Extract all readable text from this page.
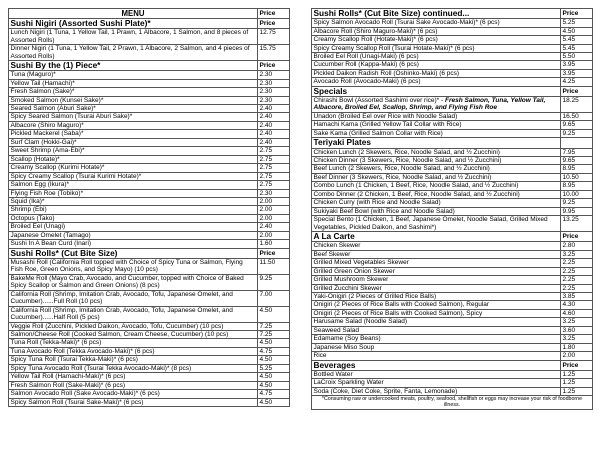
MENU	Price
Sushi Nigiri (Assorted Sushi Plate)*	Price
Lunch Nigiri (1 Tuna, 1 Yellow Tail, 1 Prawn, 1 Albacore, 1 Salmon, and 8 pieces of Assorted Rolls)	12.75
Dinner Nigiri (1 Tuna, 1 Yellow Tail, 2 Prawn, 1 Albacore, 2 Salmon, and 4 pieces of Assorted Rolls)	15.75
Sushi By the (1) Piece*	Price
Tuna (Maguro)*	2.30
Yellow Tail (Hamachi)*	2.30
Fresh Salmon (Sake)*	2.30
Smoked Salmon (Kunsei Sake)*	2.30
Seared Salmon (Aburi Sake)*	2.40
Spicy Seared Salmon (Tsurai Aburi Sake)*	2.40
Albacore (Shiro Maguro)*	2.40
Pickled Mackerel (Saba)*	2.40
Surf Clam (Hokki-Gai)*	2.40
Sweet Shrimp (Ama-Ebi)*	2.75
Scallop (Hotate)*	2.75
Creamy Scallop (Kurimi Hotate)*	2.75
Spicy Creamy Scallop (Tsurai Kurimi Hotate)*	2.75
Salmon Egg (Ikura)*	2.75
Flying Fish Roe (Tobiko)*	2.30
Squid (Ika)*	2.00
Shrimp (Ebi)	2.00
Octopus (Tako)	2.00
Broiled Eel (Unagi)	2.40
Japanese Omelet (Tamago)	2.00
Sushi In A Bean Curd (Inari)	1.60
Sushi Rolls* (Cut Bite Size)	Price
Musashi Roll (California Roll topped with Choice of Spicy Tuna or Salmon, Flying Fish Roe, Green Onions, and Spicy Mayo) (10 pcs)	11.50
BakeMe Roll (Mayo Crab, Avocado, and Cucumber, topped with Choice of Baked Spicy Scallop or Salmon and Green Onions) (8 pcs)	9.25
California Roll (Shrimp, Imitation Crab, Avocado, Tofu, Japanese Omelet, and Cucumber)......Full Roll (10 pcs)	7.00
California Roll (Shrimp, Imitation Crab, Avocado, Tofu, Japanese Omelet, and Cucumber)......Half Roll (5 pcs)	4.50
Veggie Roll (Zucchini, Pickled Daikon, Avocado, Tofu, Cucumber) (10 pcs)	7.25
Salmon/Cheese Roll (Cooked Salmon, Cream Cheese, Cucumber) (10 pcs)	7.25
Tuna Roll (Tekka-Maki)* (6 pcs)	4.50
Tuna Avocado Roll (Tekka Avocado-Maki)* (6 pcs)	4.75
Spicy Tuna Roll (Tsurai Tekka-Maki)* (6 pcs)	4.50
Spicy Tuna Avocado Roll (Tsurai Tekka Avocado-Maki)* (8 pcs)	5.25
Yellow Tail Roll (Hamachi-Maki)* (6 pcs)	4.50
Fresh Salmon Roll (Sake-Maki)* (6 pcs)	4.50
Salmon Avocado Roll (Sake Avocado-Maki)* (6 pcs)	4.75
Spicy Salmon Roll (Tsurai Sake-Maki)* (6 pcs)	4.50
Sushi Rolls* (Cut Bite Size) continued...	Price
Spicy Salmon Avocado Roll (Tsurai Sake Avocado-Maki)* (6 pcs)	5.25
Albacore Roll (Shiro Maguro-Maki)* (6 pcs)	4.50
Creamy Scallop Roll (Hotate-Maki)* (6 pcs)	5.45
Spicy Creamy Scallop Roll (Tsurai Hotate-Maki)* (6 pcs)	5.45
Broiled Eel Roll (Unagi-Maki) (6 pcs)	5.50
Cucumber Roll (Kappa-Maki) (6 pcs)	3.95
Pickled Daikon Radish Roll (Oshinko-Maki) (6 pcs)	3.95
Avocado Roll (Avocado-Maki) (6 pcs)	4.25
Specials	Price
Chirashi Bowl (Assorted Sashimi over rice)* - Fresh Salmon, Tuna, Yellow Tail, Albacore, Broiled Eel, Scallop, Shrimp, and Flying Fish Roe	18.25
Unadon (Broiled Eel over Rice with Noodle Salad)	16.50
Hamachi Kama (Grilled Yellow Tail Collar with Rice)	9.65
Sake Kama (Grilled Salmon Collar with Rice)	9.25
Teriyaki Plates	
Chicken Lunch (2 Skewers, Rice, Noodle Salad, and ½ Zucchini)	7.95
Chicken Dinner (3 Skewers, Rice, Noodle Salad, and ½ Zucchini)	9.65
Beef Lunch (2 Skewers, Rice, Noodle Salad, and ½ Zucchini)	8.95
Beef Dinner (3 Skewers, Rice, Noodle Salad, and ½ Zucchini)	10.50
Combo Lunch (1 Chicken, 1 Beef, Rice, Noodle Salad, and ½ Zucchini)	8.95
Combo Dinner (2 Chicken, 1 Beef, Rice, Noodle Salad, and ½ Zucchini)	10.00
Chicken Curry (with Rice and Noodle Salad)	9.25
Sukiyaki Beef Bowl (with Rice and Noodle Salad)	9.95
Special Bento (1 Chicken, 1 Beef, Japanese Omelet, Noodle Salad, Grilled Mixed Vegetables, Pickled Daikon, and Sashimi*)	13.25
A La Carte	Price
Chicken Skewer	2.80
Beef Skewer	3.25
Grilled Mixed Vegetables Skewer	2.25
Grilled Green Onion Skewer	2.25
Grilled Mushroom Skewer	2.25
Grilled Zucchini Skewer	2.25
Yaki-Onigiri (2 Pieces of Grilled Rice Balls)	3.85
Onigiri (2 Pieces of Rice Balls with Cooked Salmon), Regular	4.30
Onigiri (2 Pieces of Rice Balls with Cooked Salmon), Spicy	4.60
Harusame Salad (Noodle Salad)	3.25
Seaweed Salad	3.60
Edamame (Soy Beans)	3.25
Japanese Miso Soup	1.80
Rice	2.00
Beverages	Price
Bottled Water	1.25
LaCroix Sparkling Water	1.25
Soda (Coke, Diet Coke, Sprite, Fanta, Lemonade)	1.25
*Consuming raw or undercooked meats, poultry, seafood, shellfish or eggs may increase your risk of foodborne illness.	
